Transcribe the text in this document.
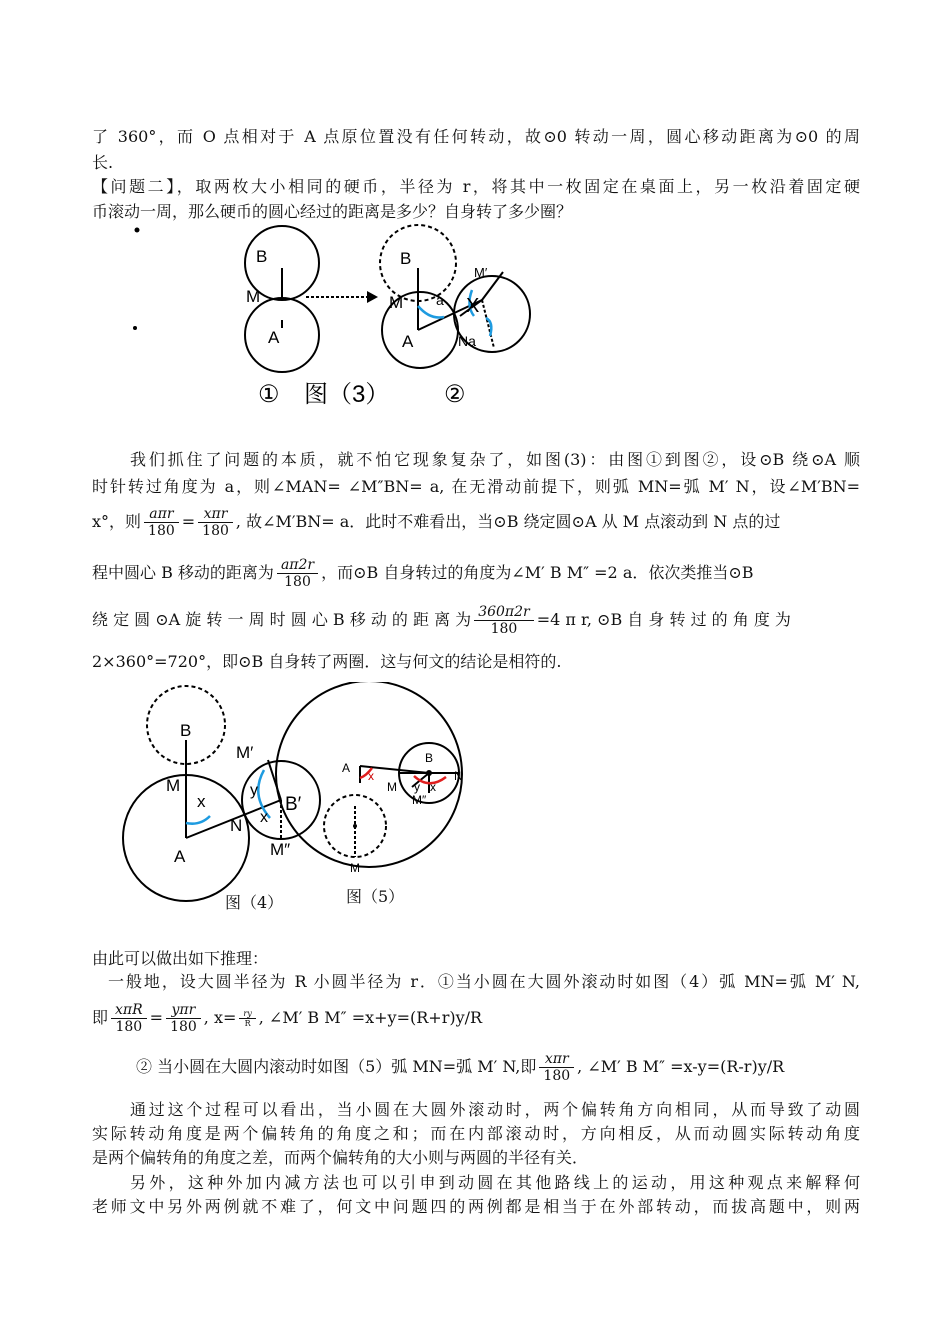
了 360°，而 O 点相对于 A 点原位置没有任何转动，故⊙0 转动一周，圆心移动距离为⊙0 的周
长.
【问题二】，取两枚大小相同的硬币，半径为 r，将其中一枚固定在桌面上，另一枚沿着固定硬
币滚动一周，那么硬币的圆心经过的距离是多少？自身转了多少圈？
B
M
A
B
M
A
M′
a X
Na
① 图（3） ②
我们抓住了问题的本质，就不怕它现象复杂了，如图(3)：由图①到图②，设⊙B 绕⊙A 顺
时针转过角度为 a，则∠MAN= ∠M″BN= a, 在无滑动前提下，则弧 MN=弧 M′ N，设∠M′BN=
x°，则 $\frac{\text{aπr}}{180} = \frac{\text{xπr}}{180}$ , 故∠M′BN= a．此时不难看出，当⊙B 绕定圆⊙A 从 M 点滚动到 N 点的过
程中圆心 B 移动的距离为 $\frac{a\pi 2r}{180}$ ，而⊙B 自身转过的角度为∠M′ B M″ =2 a．依次类推当⊙B
绕 定 圆 ⊙A 旋 转 一 周 时 圆 心 B 移 动 的 距 离 为 $\frac{360\pi 2r}{180} =4$ π r, ⊙B 自 身 转 过 的 角 度 为
2×360°=720°，即⊙B 自身转了两圈．这与何文的结论是相符的.
B
M′
M
x
y
B′
x
N
A	M″
A
x
B
N
M y x
M″
M
图（4）	图（5）
由此可以做出如下推理：
一般地，设大圆半径为 R 小圆半径为 r．①当小圆在大圆外滚动时如图（4）弧 MN=弧 M′ N,
即 $\frac{\text{xπR}}{180} = \frac{\text{yπr}}{180}$ , $x= \frac{ry}{R}$ , ∠M′ B M″ =x+y=(R+r)y/R
② 当小圆在大圆内滚动时如图（5）弧 MN=弧 M′ N,即 $\frac{\text{xπr}}{180}$ , ∠M′ B M″ =x-y=(R-r)y/R
通过这个过程可以看出，当小圆在大圆外滚动时，两个偏转角方向相同，从而导致了动圆
实际转动角度是两个偏转角的角度之和；而在内部滚动时，方向相反，从而动圆实际转动角度
是两个偏转角的角度之差，而两个偏转角的大小则与两圆的半径有关．
另外，这种外加内减方法也可以引申到动圆在其他路线上的运动，用这种观点来解释何
老师文中另外两例就不难了，何文中问题四的两例都是相当于在外部转动，而拔高题中，则两
